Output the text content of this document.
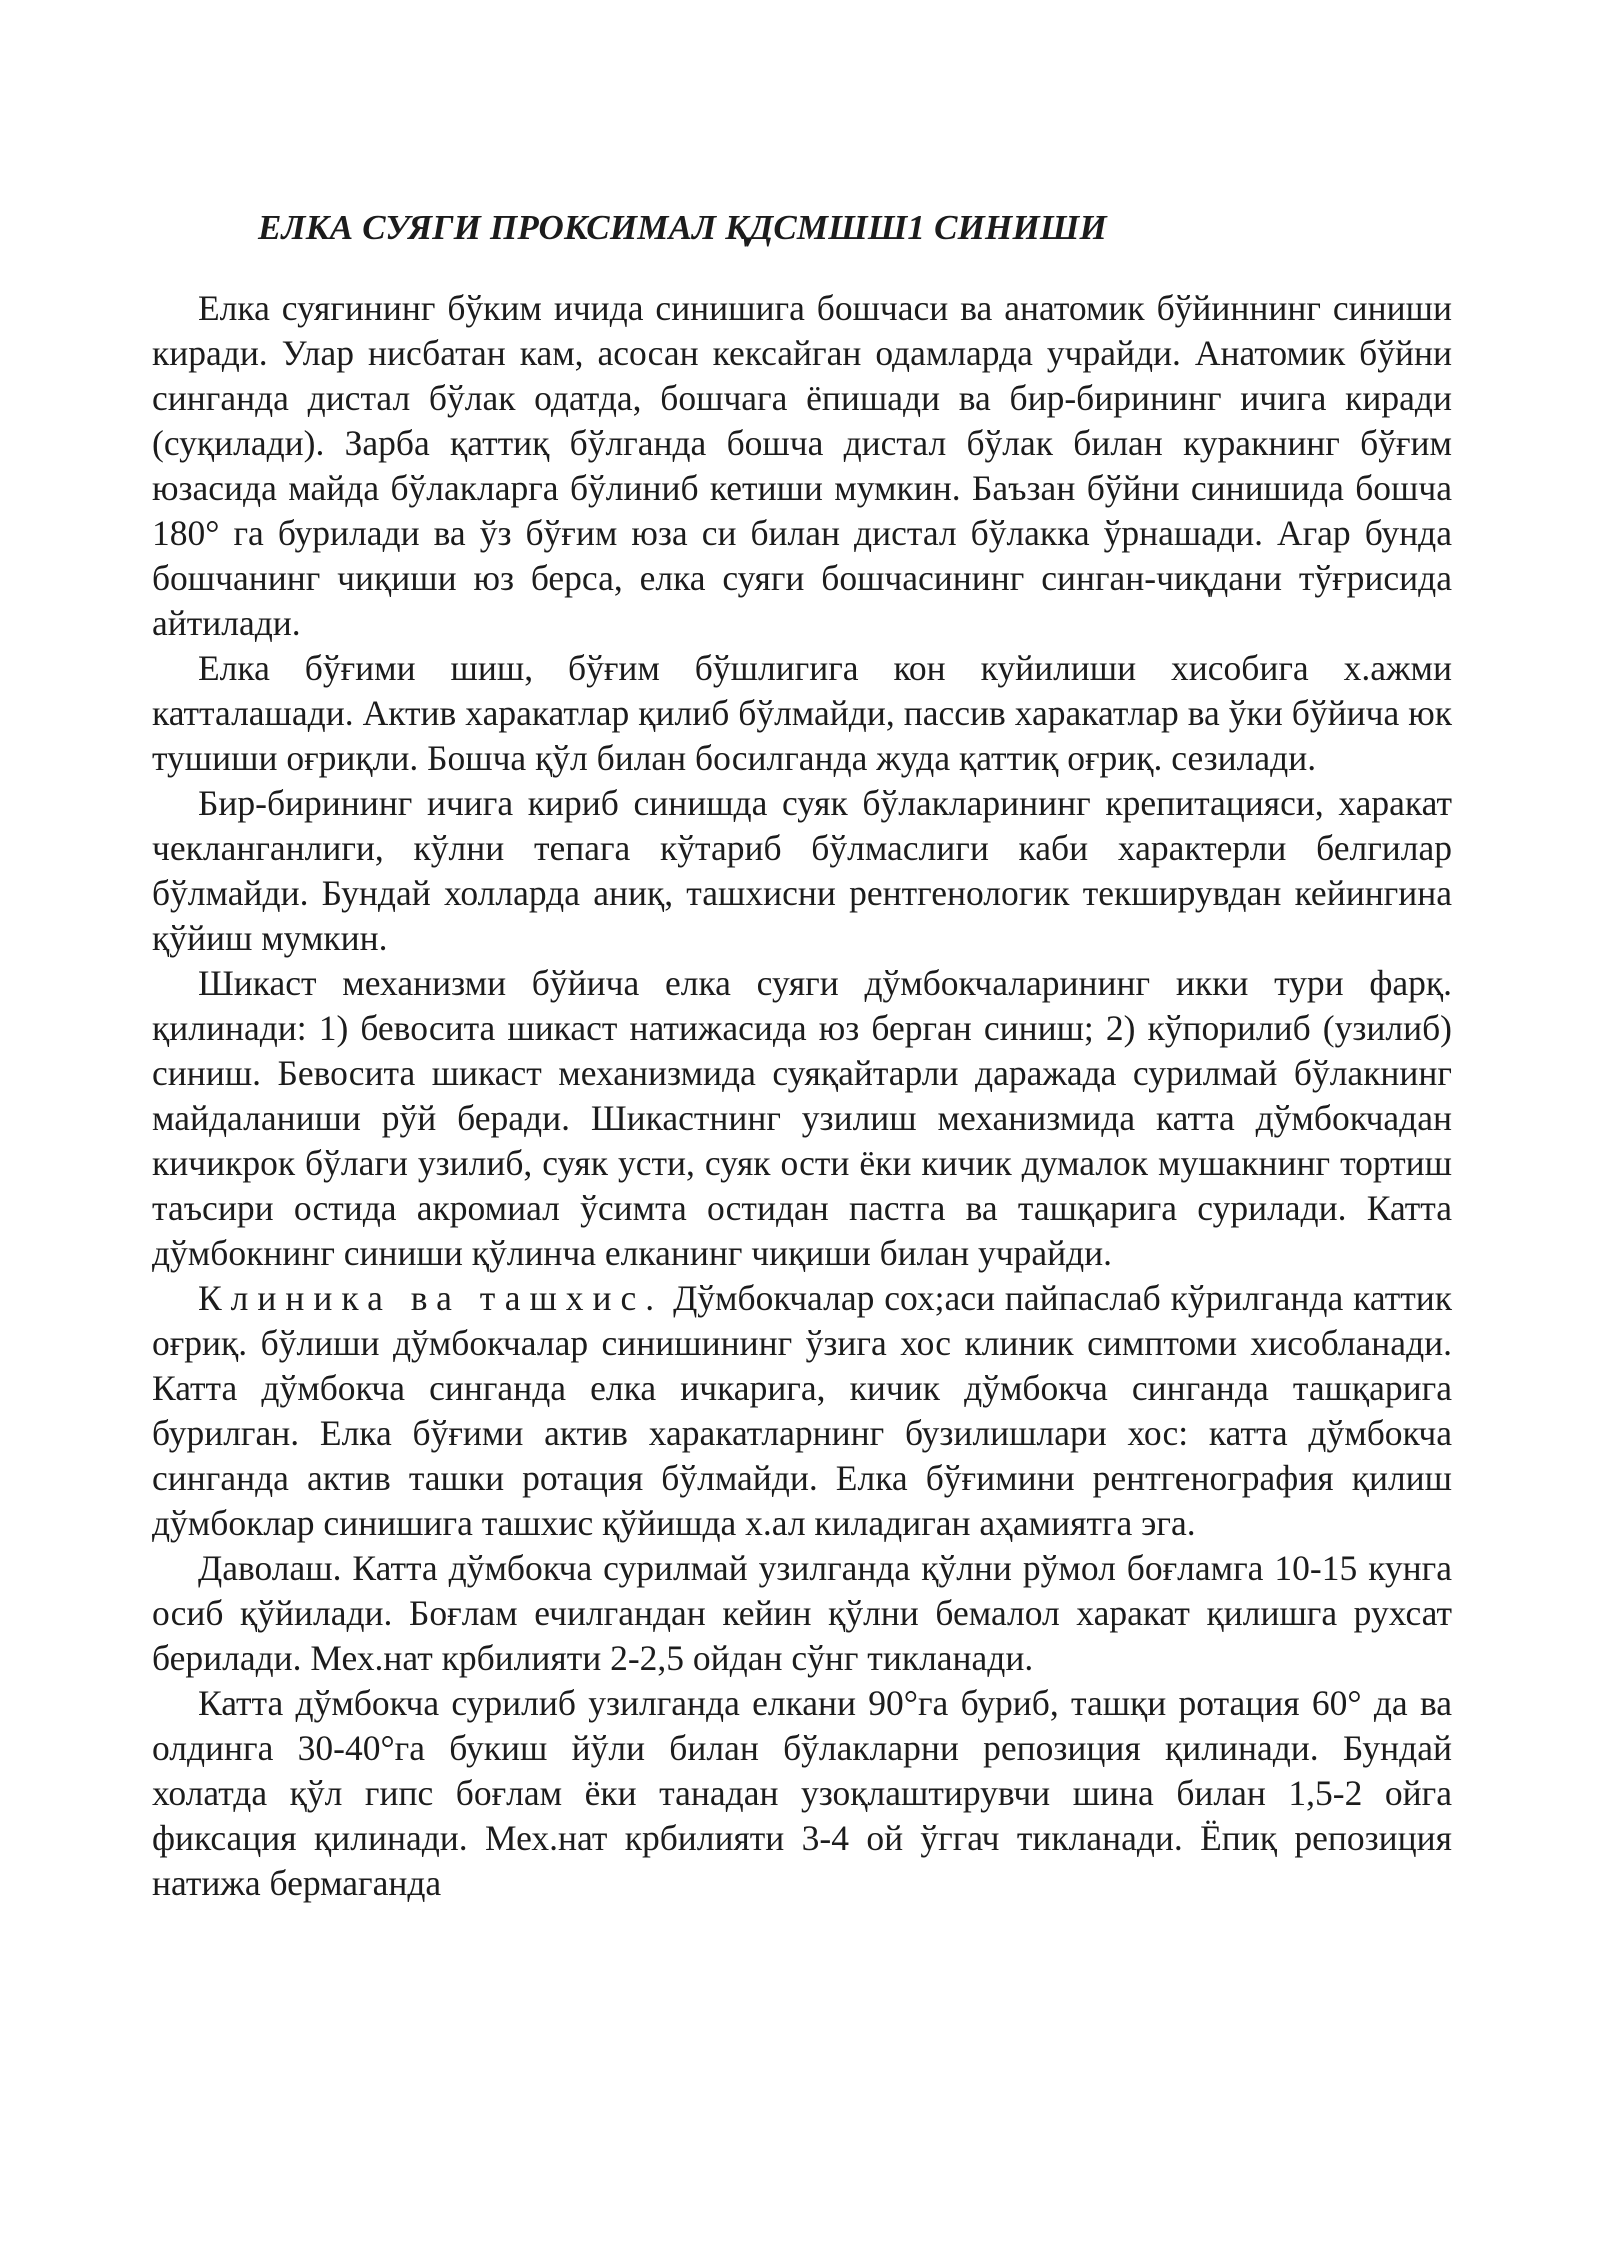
ЕЛКА СУЯГИ ПРОКСИМАЛ ҚДСМШШ1 СИНИШИ

Елка суягининг бўким ичида синишига бошчаси ва анатомик бўйиннинг синиши киради. Улар нисбатан кам, асосан кексайган одамларда учрайди. Анатомик бўйни синганда дистал бўлак одатда, бошчага ёпишади ва бир-бирининг ичига киради (суқилади). Зарба қаттиқ бўлганда бошча дистал бўлак билан куракнинг бўғим юзасида майда бўлакларга бўлиниб кетиши мумкин. Баъзан бўйни синишида бошча 180° га бурилади ва ўз бўғим юза си билан дистал бўлакка ўрнашади. Агар бунда бошчанинг чиқиши юз берса, елка суяги бошчасининг синган-чиқдани тўғрисида айтилади.

Елка бўғими шиш, бўғим бўшлигига кон куйилиши хисобига х.ажми катталашади. Актив харакатлар қилиб бўлмайди, пассив харакатлар ва ўки бўйича юк тушиши оғриқли. Бошча қўл билан босилганда жуда қаттиқ оғриқ. сезилади.

Бир-бирининг ичига кириб синишда суяк бўлакларининг крепитацияси, харакат чекланганлиги, кўлни тепага кўтариб бўлмаслиги каби характерли белгилар бўлмайди. Бундай холларда аниқ, ташхисни рентгенологик текширувдан кейингина қўйиш мумкин.

Шикаст механизми бўйича елка суяги дўмбокчаларининг икки тури фарқ. қилинади: 1) бевосита шикаст натижасида юз берган синиш; 2) кўпорилиб (узилиб) синиш. Бевосита шикаст механизмида суяқайтарли даражада сурилмай бўлакнинг майдаланиши рўй беради. Шикастнинг узилиш механизмида катта дўмбокчадан кичикрок бўлаги узилиб, суяк усти, суяк ости ёки кичик думалок мушакнинг тортиш таъсири остида акромиал ўсимта остидан пастга ва ташқарига сурилади. Катта дўмбокнинг синиши қўлинча елканинг чиқиши билан учрайди.

Клиника ва ташхис. Дўмбокчалар сох;аси пайпаслаб кўрилганда каттик оғриқ. бўлиши дўмбокчалар синишининг ўзига хос клиник симптоми хисобланади. Катта дўмбокча синганда елка ичкарига, кичик дўмбокча синганда ташқарига бурилган. Елка бўғими актив харакатларнинг бузилишлари хос: катта дўмбокча синганда актив ташки ротация бўлмайди. Елка бўғимини рентгенография қилиш дўмбоклар синишига ташхис қўйишда х.ал киладиган аҳамиятга эга.

Даволаш. Катта дўмбокча сурилмай узилганда қўлни рўмол боғламга 10-15 кунга осиб қўйилади. Боғлам ечилгандан кейин қўлни бемалол харакат қилишга рухсат берилади. Мех.нат крбилияти 2-2,5 ойдан сўнг тикланади.

Катта дўмбокча сурилиб узилганда елкани 90°га буриб, ташқи ротация 60° да ва олдинга 30-40°га букиш йўли билан бўлакларни репозиция қилинади. Бундай холатда қўл гипс боғлам ёки танадан узоқлаштирувчи шина билан 1,5-2 ойга фиксация қилинади. Мех.нат крбилияти 3-4 ой ўггач тикланади. Ёпиқ репозиция натижа бермаганда
